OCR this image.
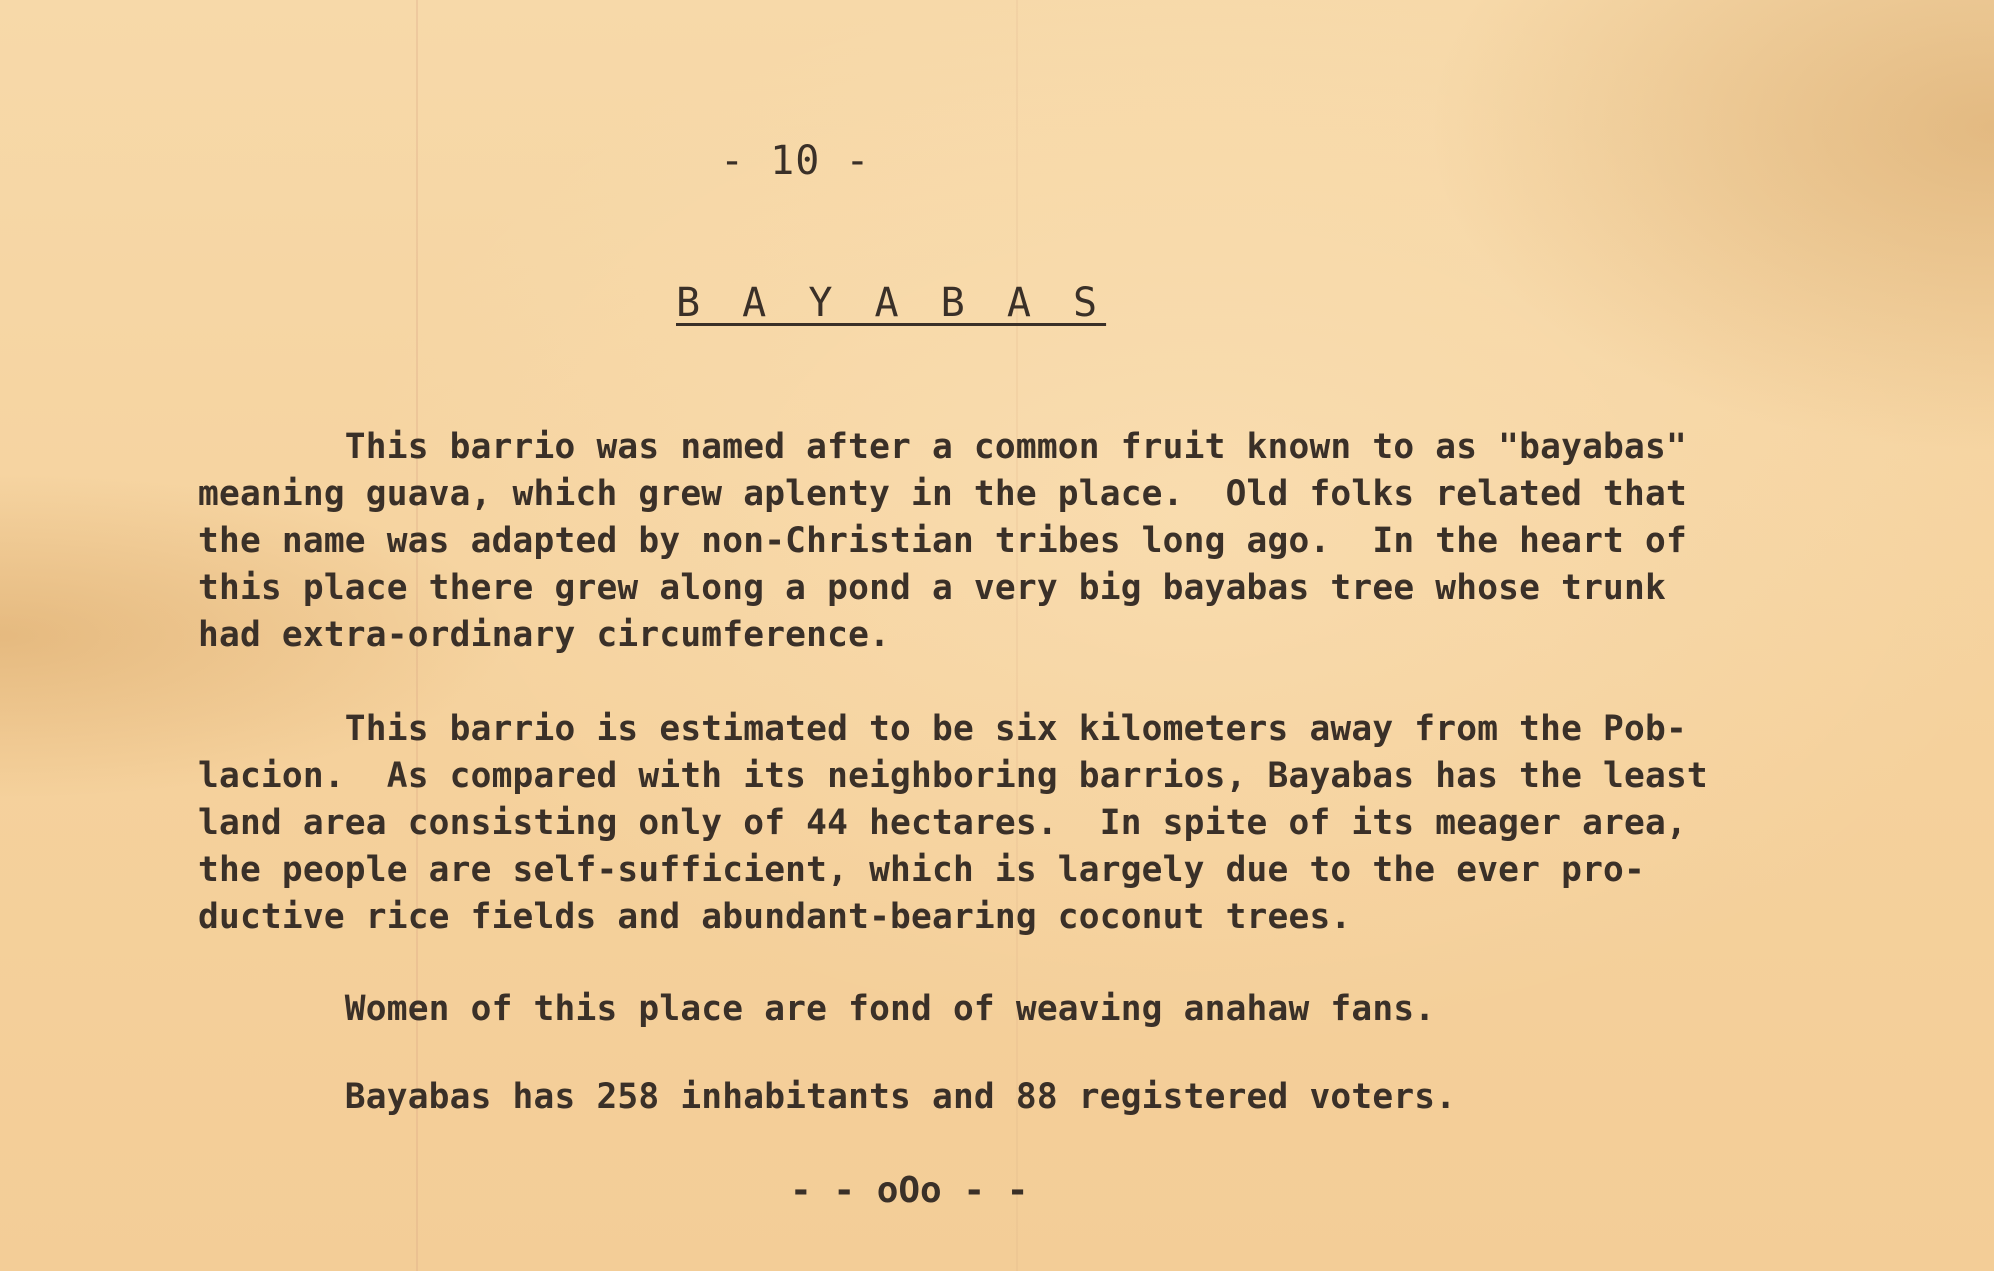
- 10 -
B A Y A B A S

This barrio was named after a common fruit known to as "bayabas"
meaning guava, which grew aplenty in the place.  Old folks related that
the name was adapted by non-Christian tribes long ago.  In the heart of
this place there grew along a pond a very big bayabas tree whose trunk
had extra-ordinary circumference.

This barrio is estimated to be six kilometers away from the Pob-
lacion.  As compared with its neighboring barrios, Bayabas has the least
land area consisting only of 44 hectares.  In spite of its meager area,
the people are self-sufficient, which is largely due to the ever pro-
ductive rice fields and abundant-bearing coconut trees.

Women of this place are fond of weaving anahaw fans.

Bayabas has 258 inhabitants and 88 registered voters.

- - oOo - -
